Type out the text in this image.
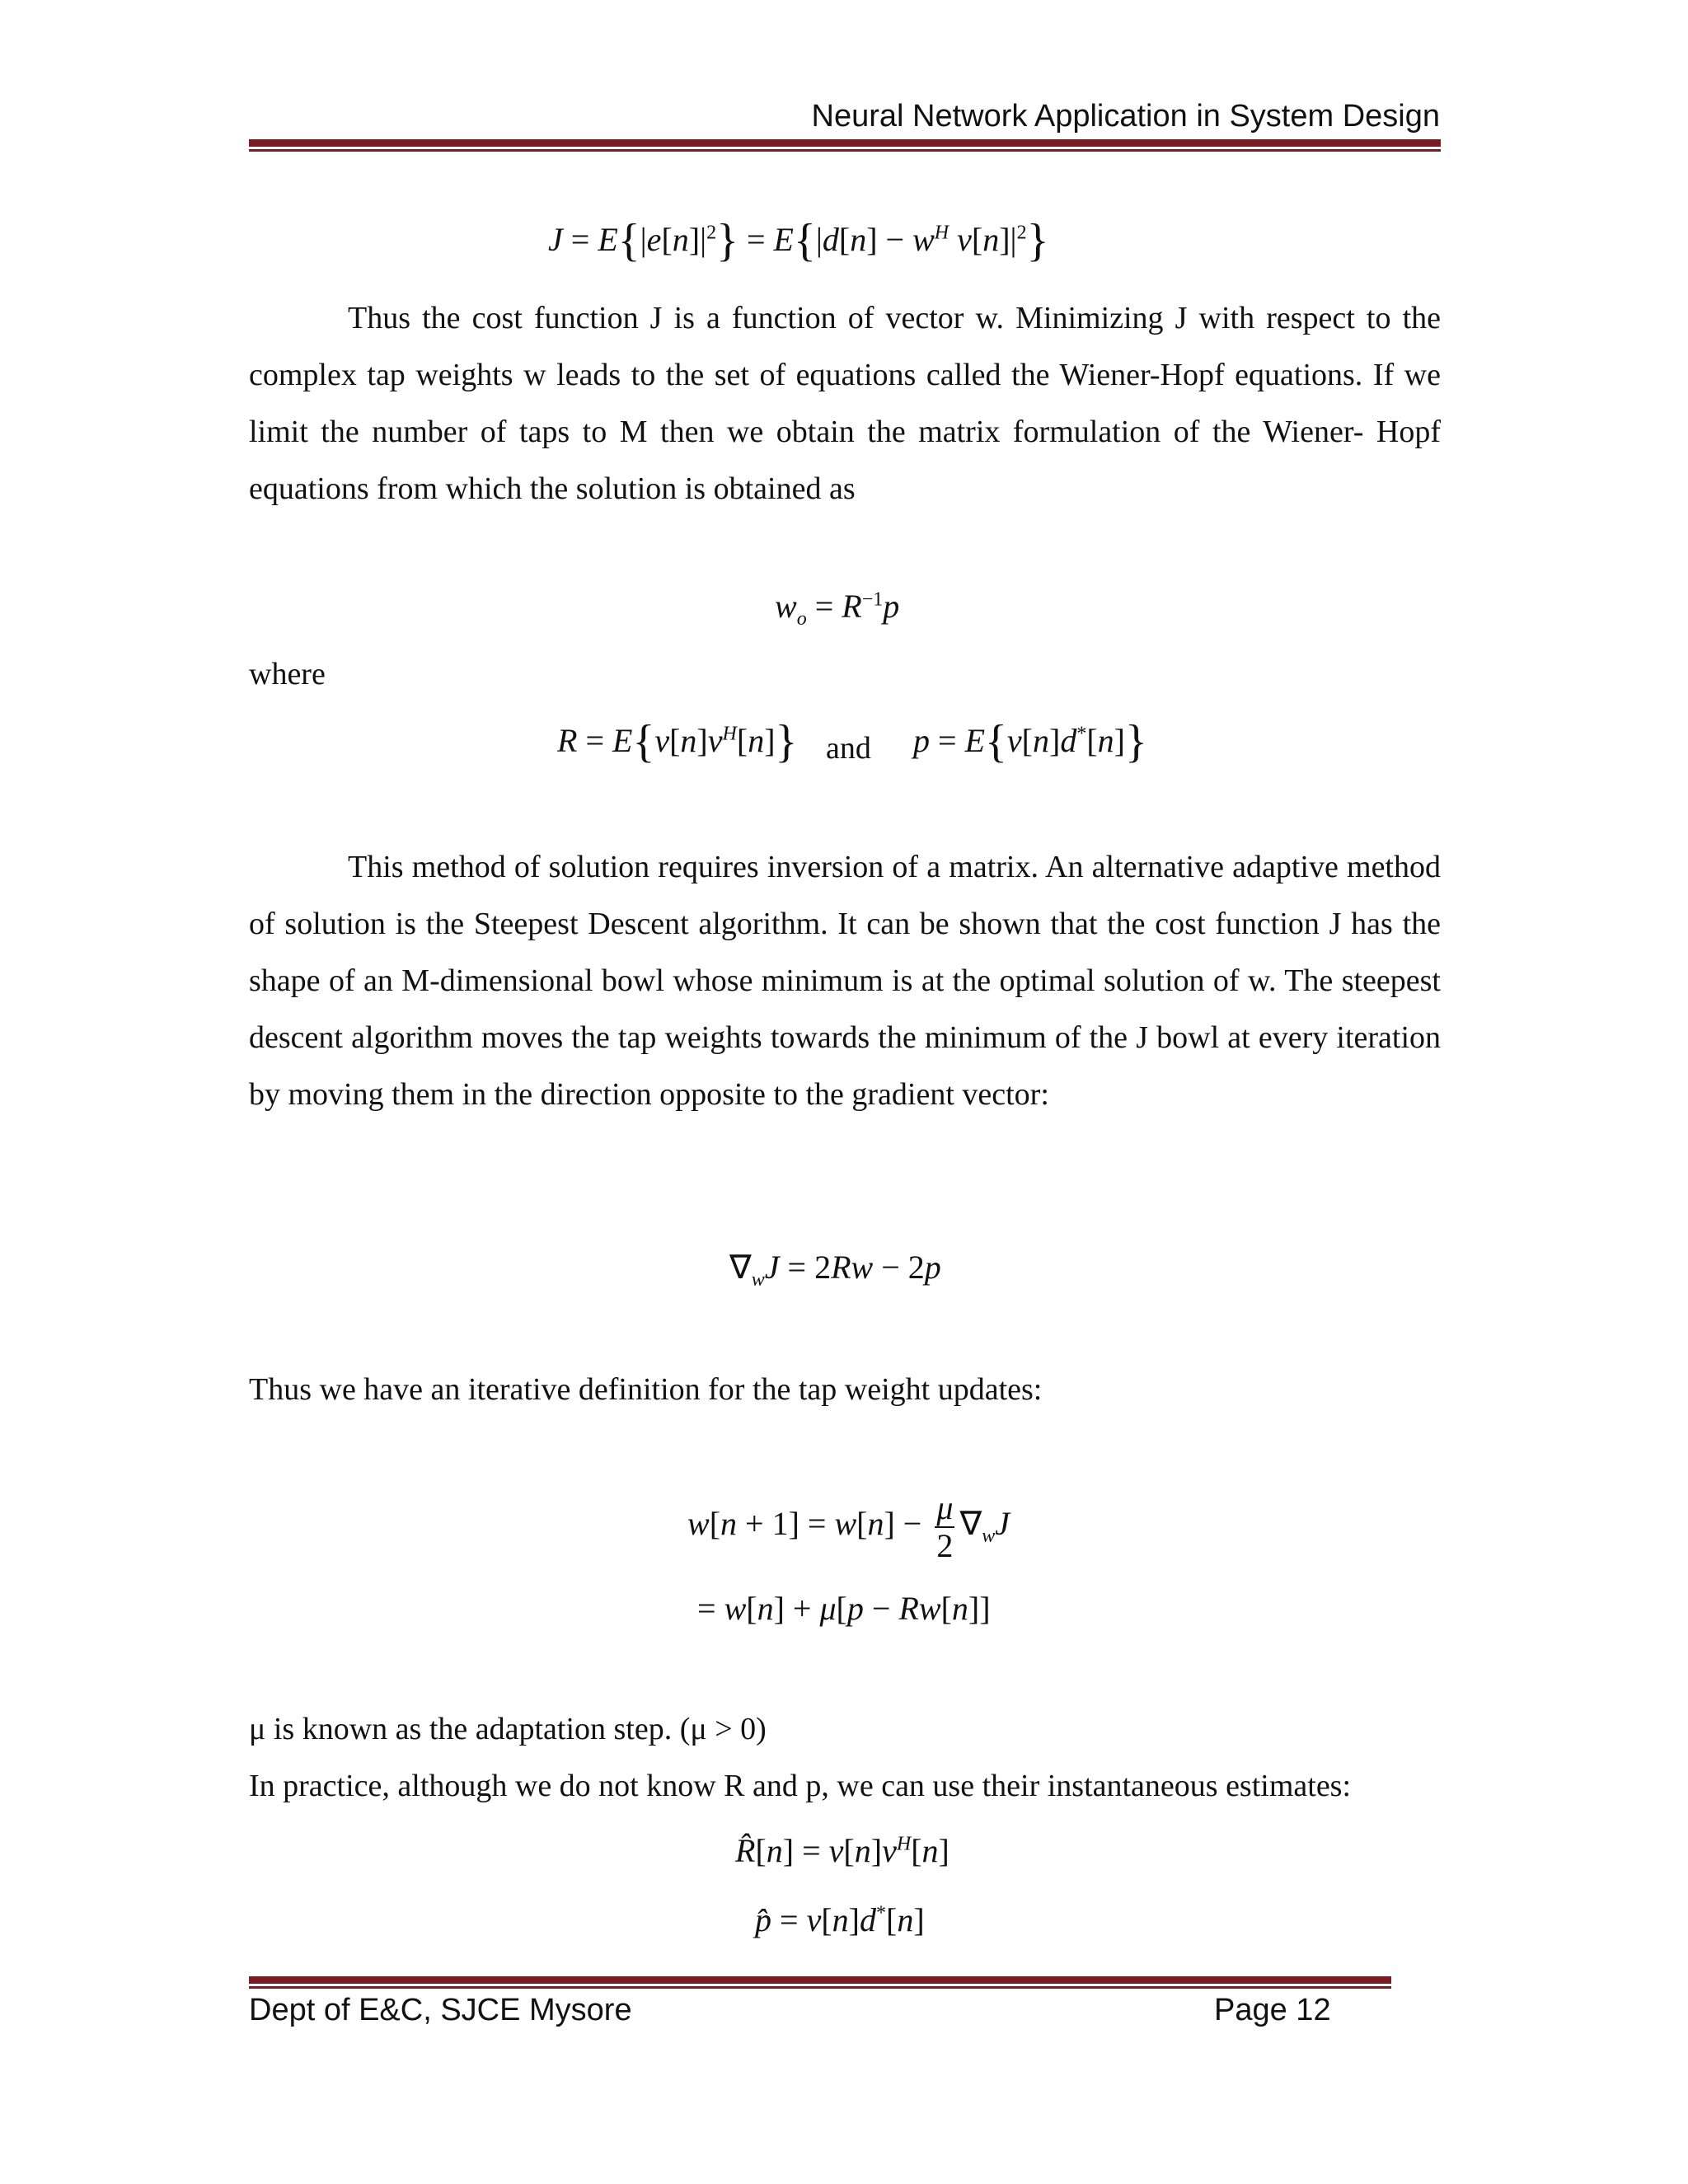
Neural Network Application in System Design
$J = E\{|e[n]|^2\} = E\{|d[n] - w^H$ $v[n]|^2$}

Thus the cost function J is a function of vector w. Minimizing J with respect to the complex tap weights w leads to the set of equations called the Wiener-Hopf equations. If we limit the number of taps to M then we obtain the matrix formulation of the Wiener- Hopf equations from which the solution is obtained as

$w_o = R^{-1}p$
where
$R = E\{v[n]v^H[n]\}$ and p = E{v[n]d*[n]}

This method of solution requires inversion of a matrix. An alternative adaptive method of solution is the Steepest Descent algorithm. It can be shown that the cost function J has the shape of an M-dimensional bowl whose minimum is at the optimal solution of w. The steepest descent algorithm moves the tap weights towards the minimum of the J bowl at every iteration by moving them in the direction opposite to the gradient vector:

$\nabla_wJ = 2Rw - 2p$
Thus we have an iterative definition for the tap weight updates:
$w[n + 1] = w[n] - \frac{\mu}{2} \nabla_wJ$
= w[n] + μ[p − Rw[n]]
μ is known as the adaptation step. (μ > 0)
In practice, although we do not know R and p, we can use their instantaneous estimates:
R̂[n] = $v[n]v^H[n]$
p̂ = v[n]d*[n]
Dept of E&C, SJCE Mysore	Page 12
